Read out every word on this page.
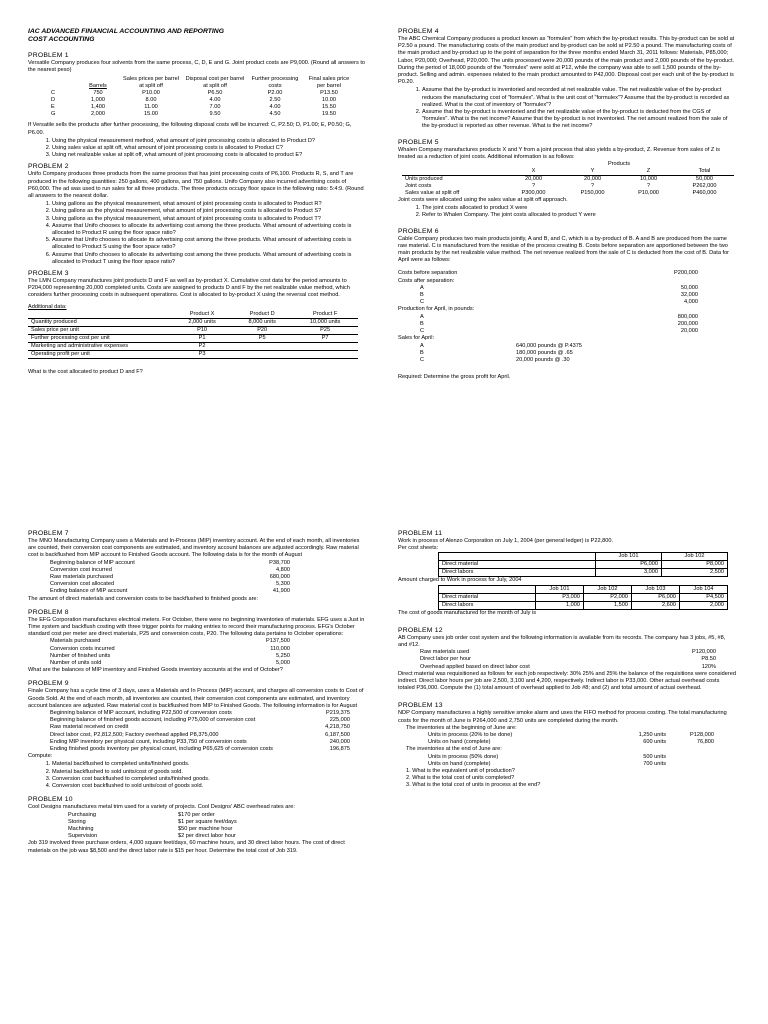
IAC ADVANCED FINANCIAL ACCOUNTING AND REPORTING

COST ACCOUNTING

PROBLEM 1

Versatile Company produces four solvents from the same process, C, D, E and G. Joint product costs are P9,000. (Round all answers to the nearest peso)

	Barrels	Sales prices per barrel at split off	Disposal cost per barrel at split off	Further processing costs	Final sales price per barrel
C	750	P10.00	P6.50	P2.00	P13.50
D	1,000	8.00	4.00	2.50	10.00
E	1,400	11.00	7.00	4.00	15.50
G	2,000	15.00	9.50	4.50	19.50

If Versatile sells the products after further processing, the following disposal costs will be incurred: C, P2.50; D, P1.00; E, P0.50; G, P6.00.

1. Using the physical measurement method, what amount of joint processing costs is allocated to Product D?
2. Using sales value at split off, what amount of joint processing costs is allocated to Product C?
3. Using net realizable value at split off, what amount of joint processing costs is allocated to product E?
PROBLEM 2

Unifo Company produces three products from the same process that has joint processing costs of P6,100. Products R, S, and T are produced in the following quantities: 250 gallons, 400 gallons, and 750 gallons. Unifo Company also incurred advertising costs of P60,000. The ad was used to run sales for all three products. The three products occupy floor space in the following ratio: 5:4:9. (Round all answers to the nearest dollar.

1. Using gallons as the physical measurement, what amount of joint processing costs is allocated to Product R?
2. Using gallons as the physical measurement, what amount of joint processing costs is allocated to Product S?
3. Using gallons as the physical measurement, what amount of joint processing costs is allocated to Product T?
4. Assume that Unifo chooses to allocate its advertising cost among the three products. What amount of advertising costs is allocated to Product R using the floor space ratio?
5. Assume that Unifo chooses to allocate its advertising cost among the three products. What amount of advertising costs is allocated to Product S using the floor space ratio?
6. Assume that Unifo chooses to allocate its advertising cost among the three products. What amount of advertising costs is allocated to Product T using the floor space ratio?
PROBLEM 3

The LMN Company manufactures joint products D and F as well as by-product X. Cumulative cost data for the period amounts to P204,000 representing 20,000 completed units. Costs are assigned to products D and F by the net realizable value method, which considers further processing costs in subsequent operations. Cost is allocated to by-product X using the reversal cost method.

Additional data:

	Product X	Product D	Product F
Quantity produced	2,000 units	8,000 units	10,000 units
Sales price per unit	P10	P20	P25
Further processing cost per unit	P1	P5	P7
Marketing and administrative expenses	P2		
Operating profit per unit	P3		

What is the cost allocated to product D and F?

PROBLEM 4

The ABC Chemical Company produces a product known as "formulex" from which the by-product results. This by-product can be sold at P2.50 a pound. The manufacturing costs of the main product and by-product can be sold at P2.50 a pound. The manufacturing costs of the main product and by-product up to the point of separation for the three months ended March 31, 2011 follows: Materials, P85,000; Labor, P20,000; Overhead, P20,000. The units processed were 20,000 pounds of the main product and 2,000 pounds of the by-product. During the period of 18,000 pounds of the "formulex" were sold at P12, while the company was able to sell 1,500 pounds of the by-product. Selling and admin. expenses related to the main product amounted to P42,000. Disposal cost per each unit of the by-product is P0.20.

1. Assume that the by-product is inventoried and recorded at net realizable value. The net realizable value of the by-product reduces the manufacturing cost of "formulex". What is the unit cost of "formulex"? Assume that the by-product is recorded as realized. What is the cost of inventory of "formulex"?
2. Assume that the by-product is inventoried and the net realizable value of the by-product is deducted from the CGS of "formulex". What is the net income? Assume that the by-product is not inventoried. The net amount realized from the sale of the by-product is reported as other revenue. What is the net income?
PROBLEM 5

Whalen Company manufactures products X and Y from a joint process that also yields a by-product, Z. Revenue from sales of Z is treated as a reduction of joint costs. Additional information is as follows:

	Products			
	X	Y	Z	Total
Units produced	20,000	20,000	10,000	50,000
Joint costs	?	?	?	P262,000
Sales value at split off	P300,000	P150,000	P10,000	P460,000

Joint costs were allocated using the sales value at split off approach.

1. The joint costs allocated to product X were
2. Refer to Whalen Company. The joint costs allocated to product Y were
PROBLEM 6

Cable Company produces two main products jointly, A and B, and C, which is a by-product of B. A and B are produced from the same raw material. C is manufactured from the residue of the process creating B. Costs before separation are apportioned between the two main products by the net realizable value method. The net revenue realized from the sale of C is deducted from the cost of B. Data for April were as follows:

Costs before separation	P200,000
Costs after separation:
A	50,000
B	32,000
C	4,000
Production for April, in pounds:
A	800,000
B	200,000
C	20,000
Sales for April:
A	640,000 pounds @ P.4375
B	180,000 pounds @ .65
C	20,000 pounds @ .30

Required: Determine the gross profit for April.

PROBLEM 7

The MNO Manufacturing Company uses a Materials and In-Process (MIP) inventory account. At the end of each month, all inventories are counted, their conversion cost components are estimated, and inventory account balances are adjusted accordingly. Raw material cost is backflushed from MIP account to Finished Goods account. The following data is for the month of August

Beginning balance of MIP account	P38,700
Conversion cost incurred	4,800
Raw materials purchased	680,000
Conversion cost allocated	5,300
Ending balance of MIP account	41,900

The amount of direct materials and conversion costs to be backflushed to finished goods are:

PROBLEM 8

The EFG Corporation manufactures electrical meters. For October, there were no beginning inventories of materials. EFG uses a Just in Time system and backflush costing with three trigger points for making entries to record their manufacturing process. EFG's October standard cost per meter are direct materials, P25 and conversion costs, P20. The following data pertains to October operations:

Materials purchased	P137,500
Conversion costs incurred	110,000
Number of finished units	5,250
Number of units sold	5,000

What are the balances of MIP inventory and Finished Goods inventory accounts at the end of October?

PROBLEM 9

Finale Company has a cycle time of 3 days, uses a Materials and In Process (MIP) account, and charges all conversion costs to Cost of Goods Sold. At the end of each month, all inventories are counted, their conversion cost components are estimated, and inventory account balances are adjusted. Raw material cost is backflushed from MIP to Finished Goods. The following information is for August

Beginning balance of MIP account, including P22,500 of conversion costs	P219,375
Beginning balance of finished goods account, including P75,000 of conversion cost	225,000
Raw material received on credit	4,218,750
Direct labor cost, P2,812,500; Factory overhead applied P8,375,000	6,187,500
Ending MIP inventory per physical count, including P33,750 of conversion costs	240,000
Ending finished goods inventory per physical count, including P65,625 of conversion costs	196,875

Compute:

1. Material backflushed to completed units/finished goods.
2. Material backflushed to sold units/cost of goods sold.
3. Conversion cost backflushed to completed units/finished goods.
4. Conversion cost backflushed to sold units/cost of goods sold.
PROBLEM 10

Cool Designs manufactures metal trim used for a variety of projects. Cool Designs' ABC overhead rates are:

Purchasing	$170 per order
Storing	$1 per square feet/days
Machining	$50 per machine hour
Supervision	$2 per direct labor hour

Job 319 involved three purchase orders, 4,000 square feet/days, 60 machine hours, and 30 direct labor hours. The cost of direct materials on the job was $8,500 and the direct labor rate is $15 per hour. Determine the total cost of Job 319.

PROBLEM 11

Work in process of Alenzo Corporation on July 1, 2004 (per general ledger) is P22,800.

Per cost sheets:

	Job 101	Job 102
Direct material	P6,000	P8,000
Direct labors	3,000	2,500

Amount charged to Work in process for July, 2004

	Job 101	Job 102	Job 103	Job 104
Direct material	P3,000	P2,000	P6,000	P4,500
Direct labors	1,000	1,500	2,600	2,000

The cost of goods manufactured for the month of July is

PROBLEM 12

AB Company uses job order cost system and the following information is available from its records. The company has 3 jobs, #5, #8, and #12.

Raw materials used	P120,000
Direct labor per hour	P8.50
Overhead applied based on direct labor cost	120%

Direct material was requisitioned as follows for each job respectively: 30% 25% and 25% the balance of the requisitions were considered indirect. Direct labor hours per job are 2,500, 3,100 and 4,200, respectively. Indirect labor is P33,000. Other actual overhead costs totaled P36,000. Compute the (1) total amount of overhead applied to Job #8; and (2) and total amount of actual overhead.

PROBLEM 13

NDP Company manufactures a highly sensitive smoke alarm and uses the FIFO method for process costing. The total manufacturing costs for the month of June is P264,000 and 2,750 units are completed during the month.

The inventories at the beginning of June are:
Units in process (20% to be done)	1,250 units	P128,000
Units on hand (complete)	600 units	76,800
The inventories at the end of June are:
Units in process (50% done)	500 units
Units on hand (complete)	700 units
1. What is the equivalent unit of production?
2. What is the total cost of units completed?
3. What is the total cost of units in process at the end?
